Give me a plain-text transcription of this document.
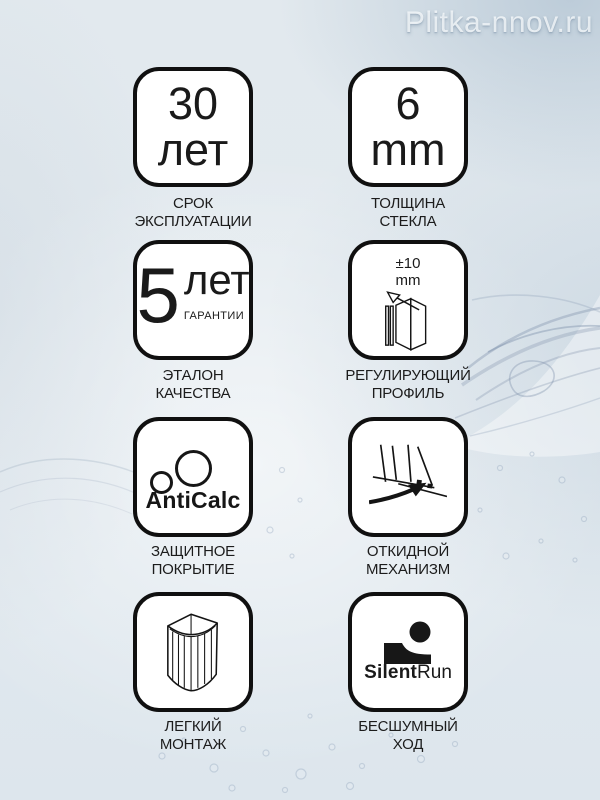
Plitka-nnov.ru
30
лет
СРОК
ЭКСПЛУАТАЦИИ
6
mm
ТОЛЩИНА
СТЕКЛА
5 лет
ГАРАНТИИ
ЭТАЛОН
КАЧЕСТВА
±10
mm
РЕГУЛИРУЮЩИЙ
ПРОФИЛЬ
AntiCalc
ЗАЩИТНОЕ
ПОКРЫТИЕ
ОТКИДНОЙ
МЕХАНИЗМ
ЛЕГКИЙ
МОНТАЖ
SilentRun
БЕСШУМНЫЙ
ХОД
